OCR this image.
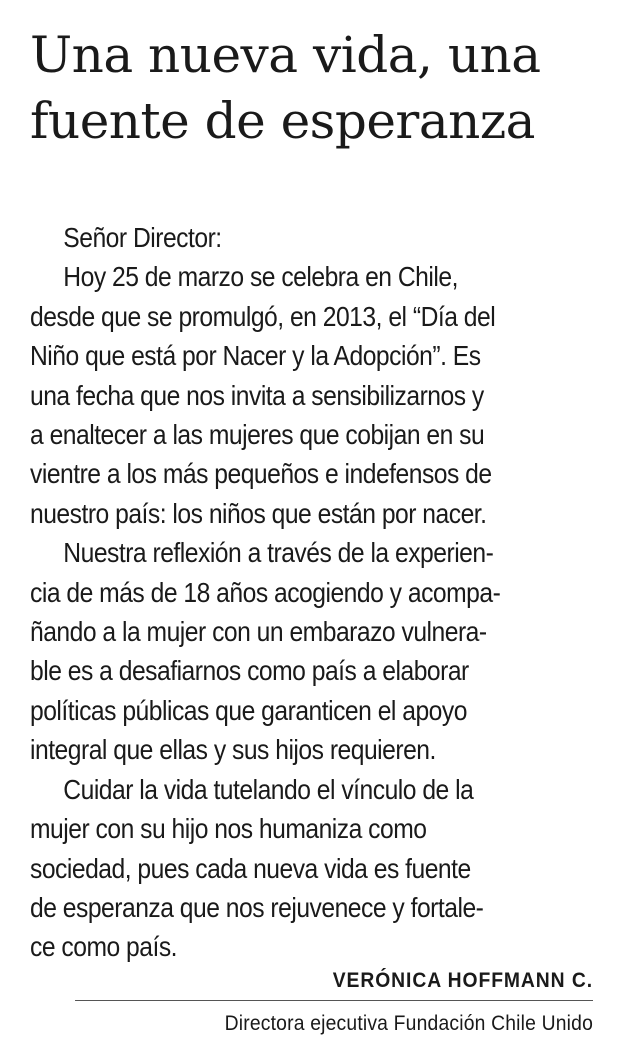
Una nueva vida, una
fuente de esperanza
Señor Director:
Hoy 25 de marzo se celebra en Chile,
desde que se promulgó, en 2013, el “Día del
Niño que está por Nacer y la Adopción”. Es
una fecha que nos invita a sensibilizarnos y
a enaltecer a las mujeres que cobijan en su
vientre a los más pequeños e indefensos de
nuestro país: los niños que están por nacer.
Nuestra reflexión a través de la experien-
cia de más de 18 años acogiendo y acompa-
ñando a la mujer con un embarazo vulnera-
ble es a desafiarnos como país a elaborar
políticas públicas que garanticen el apoyo
integral que ellas y sus hijos requieren.
Cuidar la vida tutelando el vínculo de la
mujer con su hijo nos humaniza como
sociedad, pues cada nueva vida es fuente
de esperanza que nos rejuvenece y fortale-
ce como país.
VERÓNICA HOFFMANN C.
Directora ejecutiva Fundación Chile Unido
